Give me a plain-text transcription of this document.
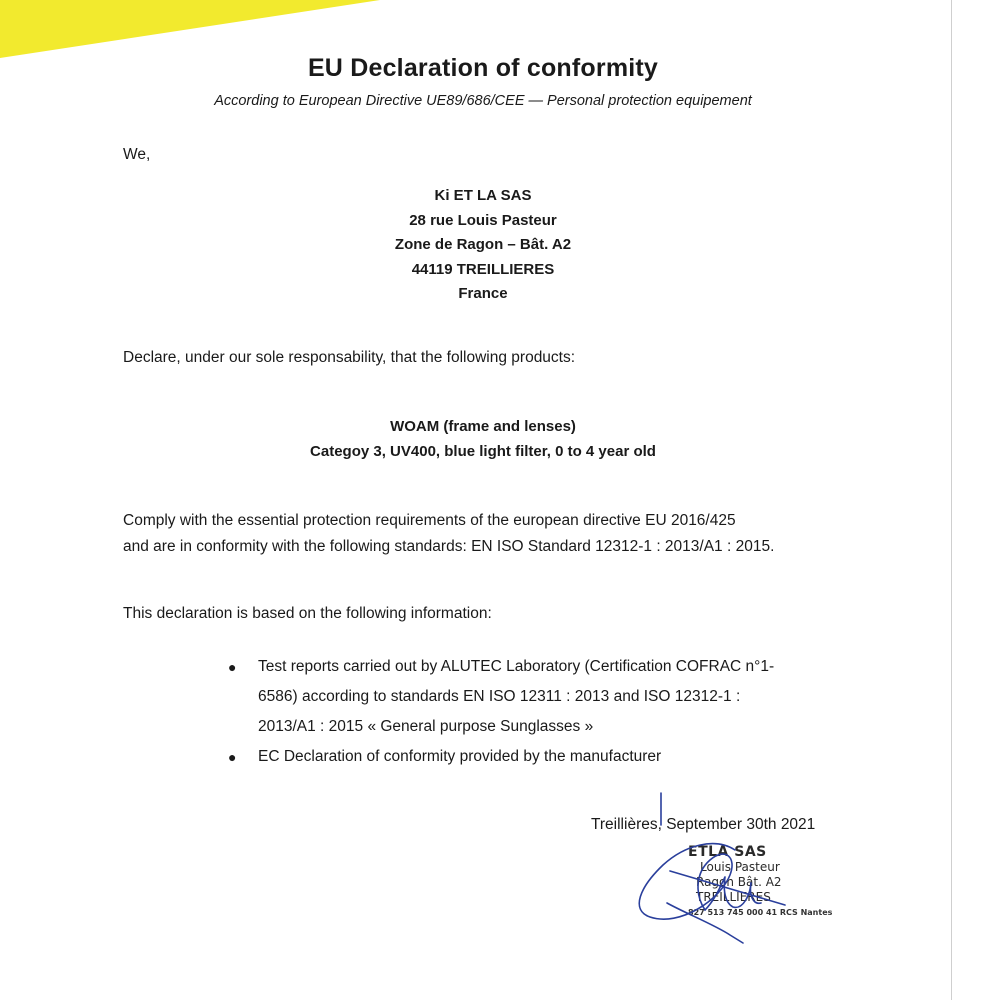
EU Declaration of conformity
According to European Directive UE89/686/CEE — Personal protection equipement
We,
Ki ET LA SAS
28 rue Louis Pasteur
Zone de Ragon – Bât. A2
44119 TREILLIERES
France
Declare, under our sole responsability, that the following products:
WOAM (frame and lenses)
Categoy 3, UV400, blue light filter, 0 to 4 year old
Comply with the essential protection requirements of the european directive EU 2016/425
and are in conformity with the following standards: EN ISO Standard 12312-1 : 2013/A1 : 2015.
This declaration is based on the following information:
● Test reports carried out by ALUTEC Laboratory (Certification COFRAC n°1-
6586) according to standards EN ISO 12311 : 2013 and ISO 12312-1 :
2013/A1 : 2015 « General purpose Sunglasses »
● EC Declaration of conformity provided by the manufacturer
Treillières, September 30th 2021
ETLA SAS
Louis Pasteur
Ragon Bât. A2
TREILLIERES
827 513 745 000 41 RCS Nantes
